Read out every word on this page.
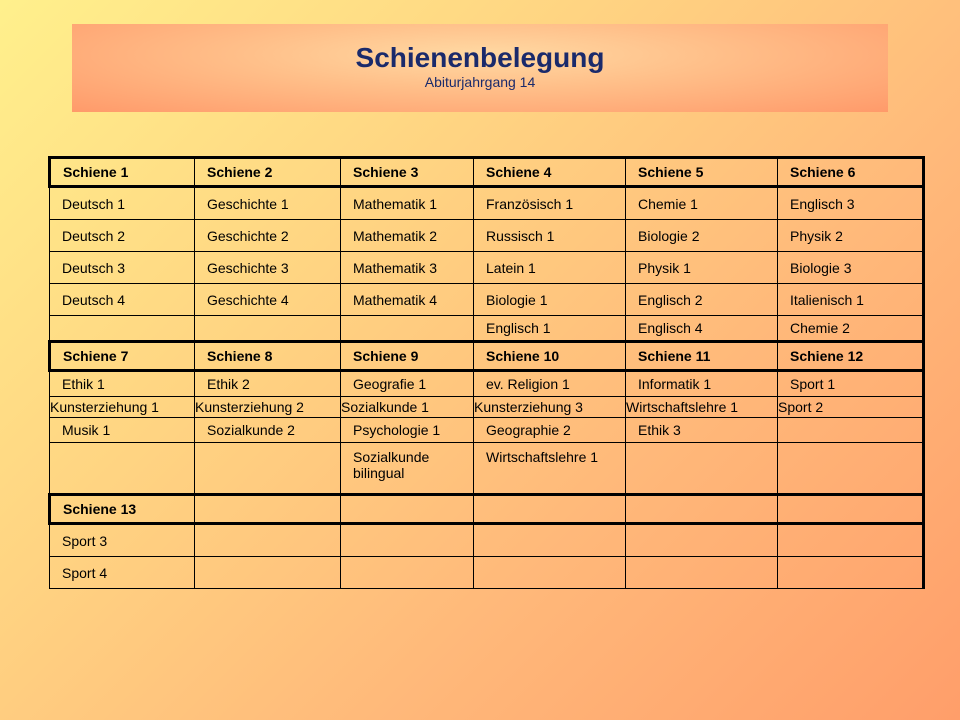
Schienenbelegung
Abiturjahrgang 14
Schiene 1	Schiene 2	Schiene 3	Schiene 4	Schiene 5	Schiene 6
Deutsch 1	Geschichte 1	Mathematik 1	Französisch 1	Chemie 1	Englisch 3
Deutsch 2	Geschichte 2	Mathematik 2	Russisch 1	Biologie 2	Physik 2
Deutsch 3	Geschichte 3	Mathematik 3	Latein 1	Physik 1	Biologie 3
Deutsch 4	Geschichte 4	Mathematik 4	Biologie 1	Englisch 2	Italienisch 1
			Englisch 1	Englisch 4	Chemie 2
Schiene 7	Schiene 8	Schiene 9	Schiene 10	Schiene 11	Schiene 12
Ethik 1	Ethik 2	Geografie 1	ev. Religion 1	Informatik 1	Sport 1
Kunsterziehung 1	Kunsterziehung 2	Sozialkunde 1	Kunsterziehung 3	Wirtschaftslehre 1	Sport 2
Musik 1	Sozialkunde 2	Psychologie 1	Geographie 2	Ethik 3	
		Sozialkunde bilingual	Wirtschaftslehre 1		
Schiene 13					
Sport 3					
Sport 4					
